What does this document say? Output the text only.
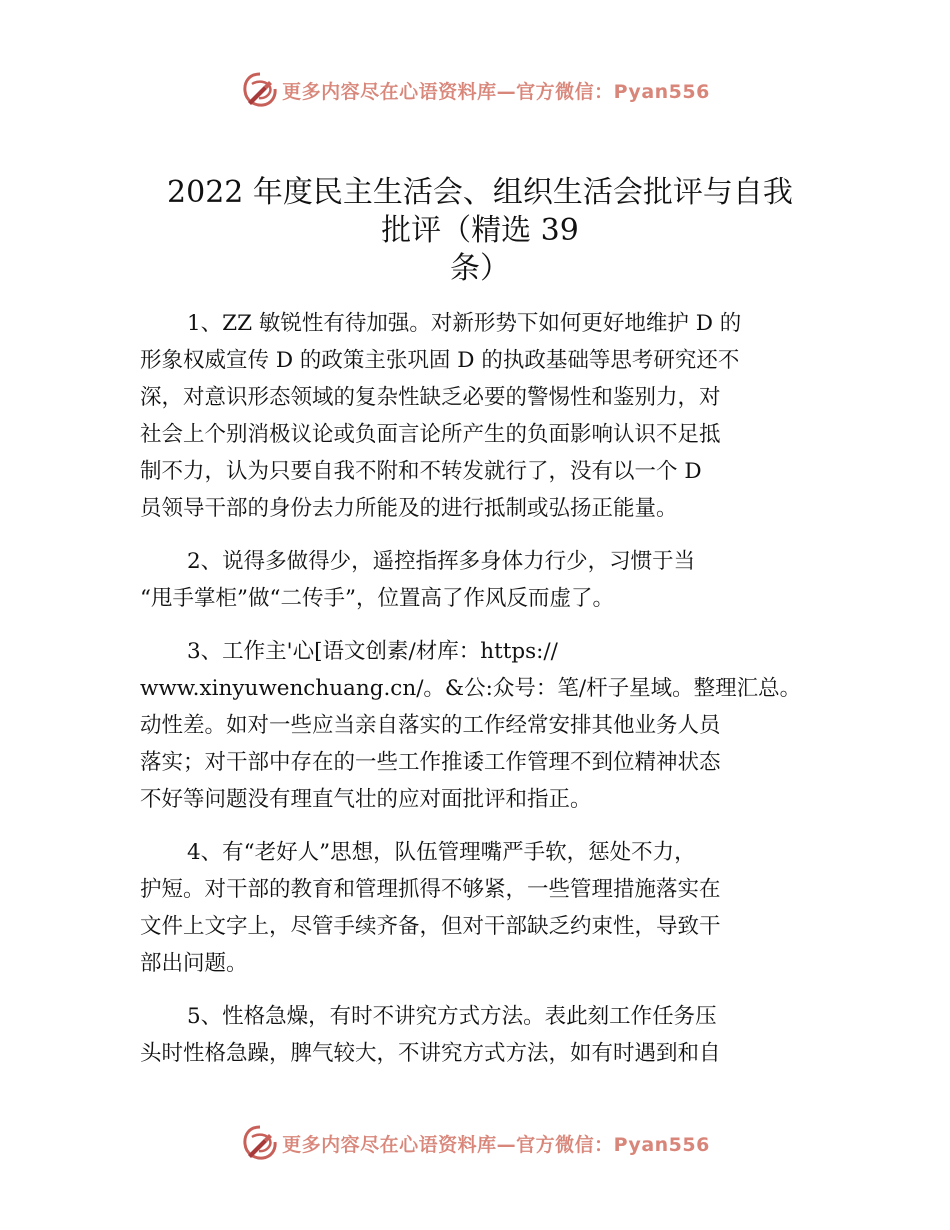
更多内容尽在心语资料库—官方微信：Pyan556
2022 年度民主生活会、组织生活会批评与自我
批评（精选 39
条）
1、ZZ 敏锐性有待加强。对新形势下如何更好地维护 D 的
形象权威宣传 D 的政策主张巩固 D 的执政基础等思考研究还不
深，对意识形态领域的复杂性缺乏必要的警惕性和鉴别力，对
社会上个别消极议论或负面言论所产生的负面影响认识不足抵
制不力，认为只要自我不附和不转发就行了，没有以一个 D
员领导干部的身份去力所能及的进行抵制或弘扬正能量。
2、说得多做得少，遥控指挥多身体力行少，习惯于当
“甩手掌柜”做“二传手”，位置高了作风反而虚了。
3、工作主'心[语文创素/材库：https://
www.xinyuwenchuang.cn/。&公:众号：笔/杆子星域。整理汇总。
动性差。如对一些应当亲自落实的工作经常安排其他业务人员
落实；对干部中存在的一些工作推诿工作管理不到位精神状态
不好等问题没有理直气壮的应对面批评和指正。
4、有“老好人”思想，队伍管理嘴严手软，惩处不力，
护短。对干部的教育和管理抓得不够紧，一些管理措施落实在
文件上文字上，尽管手续齐备，但对干部缺乏约束性，导致干
部出问题。
5、性格急燥，有时不讲究方式方法。表此刻工作任务压
头时性格急躁，脾气较大，不讲究方式方法，如有时遇到和自
更多内容尽在心语资料库—官方微信：Pyan556
